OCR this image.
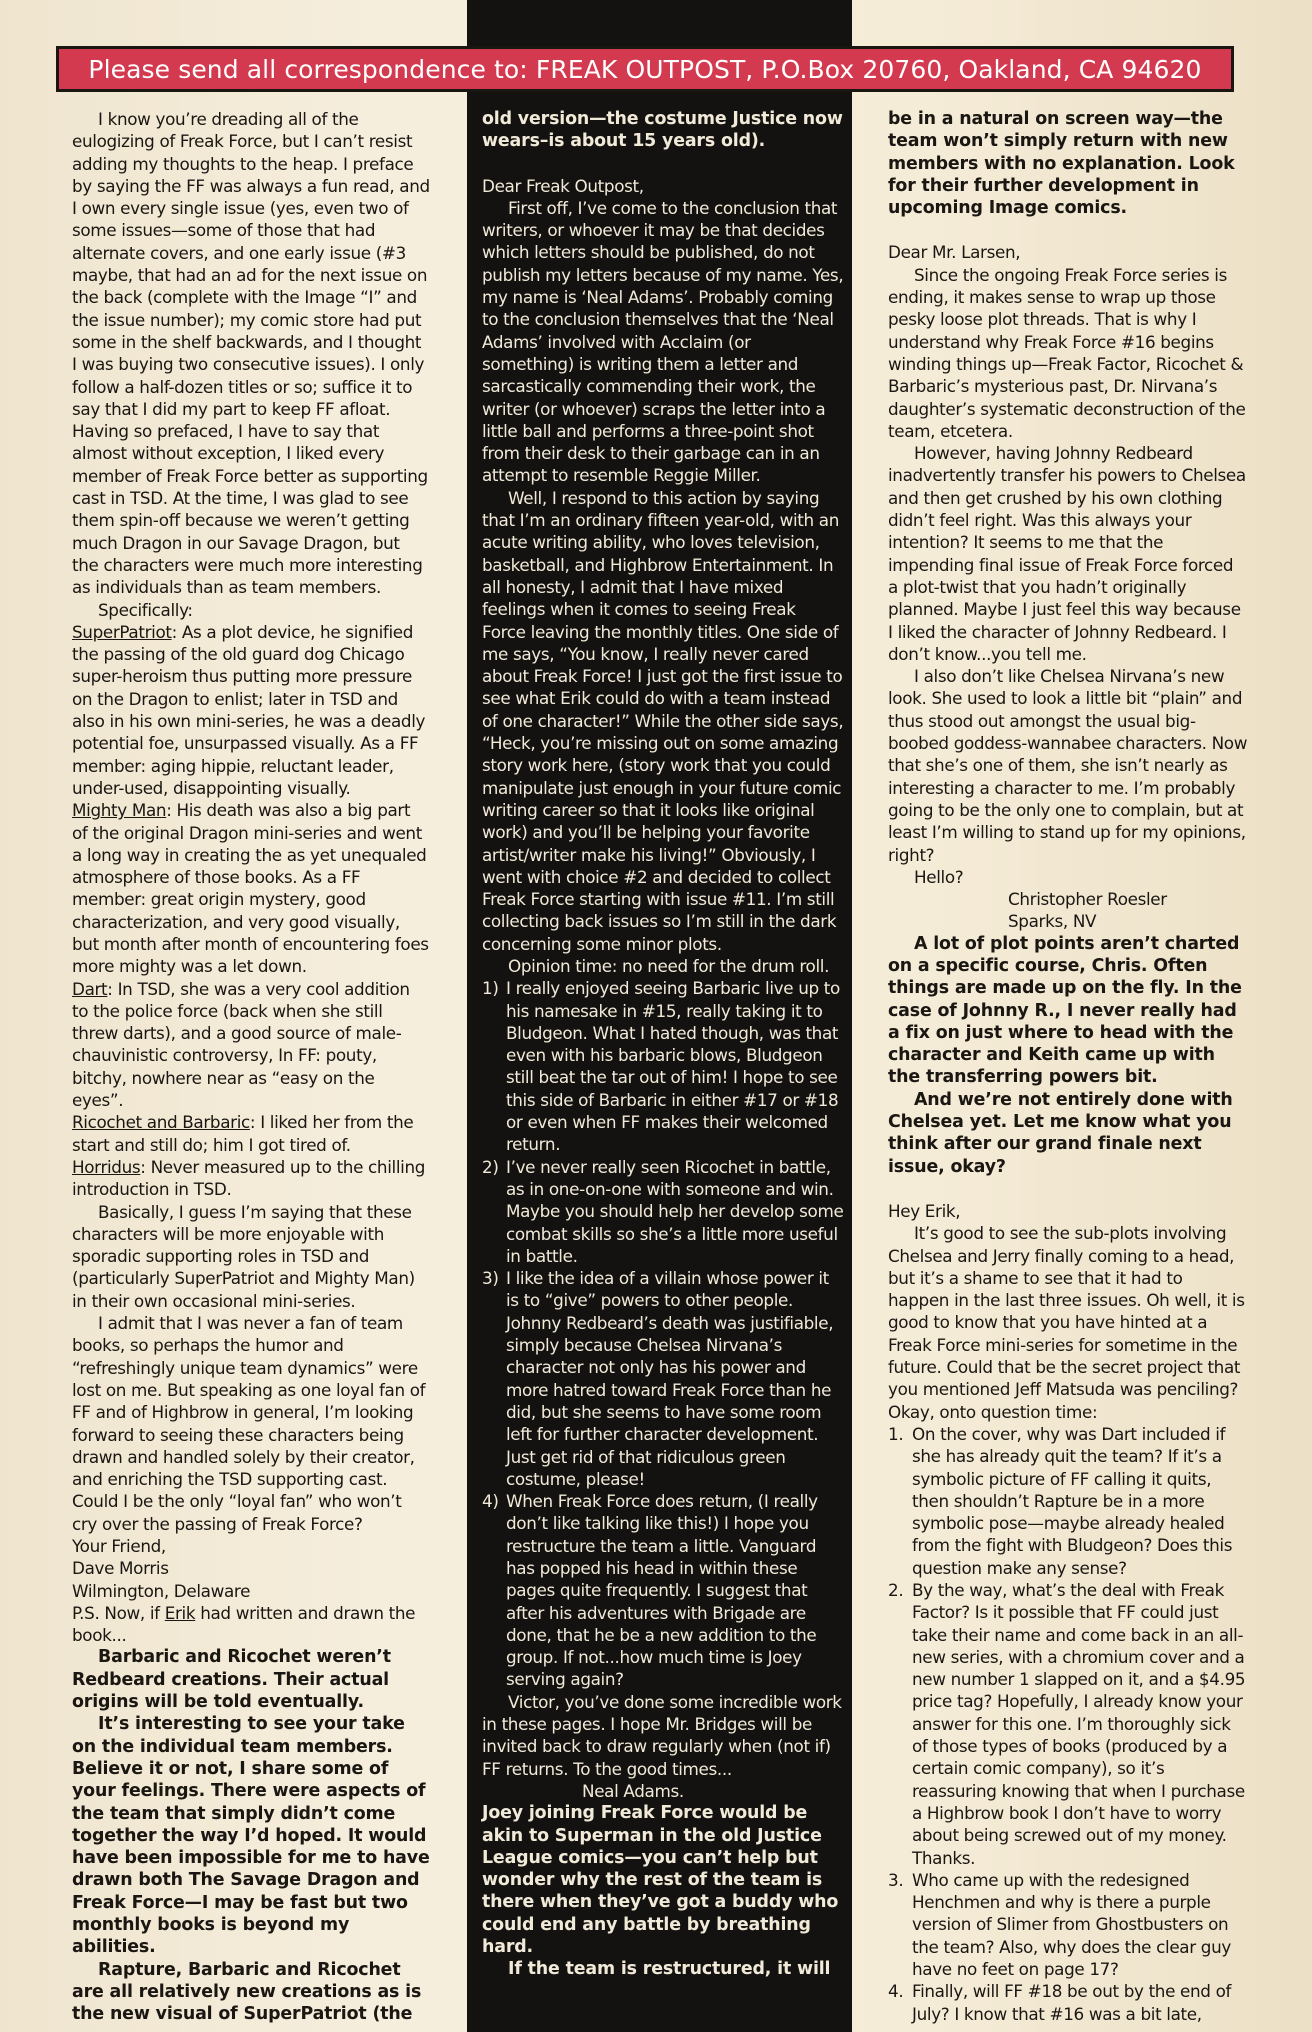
Please send all correspondence to: FREAK OUTPOST, P.O.Box 20760, Oakland, CA 94620

I know you’re dreading all of the eulogizing of Freak Force, but I can’t resist adding my thoughts to the heap. I preface by saying the FF was always a fun read, and I own every single issue (yes, even two of some issues—some of those that had alternate covers, and one early issue (#3 maybe, that had an ad for the next issue on the back (complete with the Image “I” and the issue number); my comic store had put some in the shelf backwards, and I thought I was buying two consecutive issues). I only follow a half-dozen titles or so; suffice it to say that I did my part to keep FF afloat. Having so prefaced, I have to say that almost without exception, I liked every member of Freak Force better as supporting cast in TSD. At the time, I was glad to see them spin-off because we weren’t getting much Dragon in our Savage Dragon, but the characters were much more interesting as individuals than as team members.

Specifically:

SuperPatriot: As a plot device, he signified the passing of the old guard dog Chicago super-heroism thus putting more pressure on the Dragon to enlist; later in TSD and also in his own mini-series, he was a deadly potential foe, unsurpassed visually. As a FF member: aging hippie, reluctant leader, under-used, disappointing visually.

Mighty Man: His death was also a big part of the original Dragon mini-series and went a long way in creating the as yet unequaled atmosphere of those books. As a FF member: great origin mystery, good characterization, and very good visually, but month after month of encountering foes more mighty was a let down.

Dart: In TSD, she was a very cool addition to the police force (back when she still threw darts), and a good source of male-chauvinistic controversy, In FF: pouty, bitchy, nowhere near as “easy on the eyes”.

Ricochet and Barbaric: I liked her from the start and still do; him I got tired of.

Horridus: Never measured up to the chilling introduction in TSD.

Basically, I guess I’m saying that these characters will be more enjoyable with sporadic supporting roles in TSD and (particularly SuperPatriot and Mighty Man) in their own occasional mini-series.

I admit that I was never a fan of team books, so perhaps the humor and “refreshingly unique team dynamics” were lost on me. But speaking as one loyal fan of FF and of Highbrow in general, I’m looking forward to seeing these characters being drawn and handled solely by their creator, and enriching the TSD supporting cast. Could I be the only “loyal fan” who won’t cry over the passing of Freak Force?

Your Friend,

Dave Morris

Wilmington, Delaware

P.S. Now, if Erik had written and drawn the book...

Barbaric and Ricochet weren’t Redbeard creations. Their actual origins will be told eventually.

It’s interesting to see your take on the individual team members. Believe it or not, I share some of your feelings. There were aspects of the team that simply didn’t come together the way I’d hoped. It would have been impossible for me to have drawn both The Savage Dragon and Freak Force—I may be fast but two monthly books is beyond my abilities.

Rapture, Barbaric and Ricochet are all relatively new creations as is the new visual of SuperPatriot (the

old version—the costume Justice now wears–is about 15 years old).

Dear Freak Outpost,

First off, I’ve come to the conclusion that writers, or whoever it may be that decides which letters should be published, do not publish my letters because of my name. Yes, my name is ‘Neal Adams’. Probably coming to the conclusion themselves that the ‘Neal Adams’ involved with Acclaim (or something) is writing them a letter and sarcastically commending their work, the writer (or whoever) scraps the letter into a little ball and performs a three-point shot from their desk to their garbage can in an attempt to resemble Reggie Miller.

Well, I respond to this action by saying that I’m an ordinary fifteen year-old, with an acute writing ability, who loves television, basketball, and Highbrow Entertainment. In all honesty, I admit that I have mixed feelings when it comes to seeing Freak Force leaving the monthly titles. One side of me says, “You know, I really never cared about Freak Force! I just got the first issue to see what Erik could do with a team instead of one character!” While the other side says, “Heck, you’re missing out on some amazing story work here, (story work that you could manipulate just enough in your future comic writing career so that it looks like original work) and you’ll be helping your favorite artist/writer make his living!” Obviously, I went with choice #2 and decided to collect Freak Force starting with issue #11. I’m still collecting back issues so I’m still in the dark concerning some minor plots.

Opinion time: no need for the drum roll.

1) I really enjoyed seeing Barbaric live up to his namesake in #15, really taking it to Bludgeon. What I hated though, was that even with his barbaric blows, Bludgeon still beat the tar out of him! I hope to see this side of Barbaric in either #17 or #18 or even when FF makes their welcomed return.
2) I’ve never really seen Ricochet in battle, as in one-on-one with someone and win. Maybe you should help her develop some combat skills so she’s a little more useful in battle.
3) I like the idea of a villain whose power it is to “give” powers to other people. Johnny Redbeard’s death was justifiable, simply because Chelsea Nirvana’s character not only has his power and more hatred toward Freak Force than he did, but she seems to have some room left for further character development. Just get rid of that ridiculous green costume, please!
4) When Freak Force does return, (I really don’t like talking like this!) I hope you restructure the team a little. Vanguard has popped his head in within these pages quite frequently. I suggest that after his adventures with Brigade are done, that he be a new addition to the group. If not...how much time is Joey serving again?

Victor, you’ve done some incredible work in these pages. I hope Mr. Bridges will be invited back to draw regularly when (not if) FF returns. To the good times...

Neal Adams.

Joey joining Freak Force would be akin to Superman in the old Justice League comics—you can’t help but wonder why the rest of the team is there when they’ve got a buddy who could end any battle by breathing hard.

If the team is restructured, it will

be in a natural on screen way—the team won’t simply return with new members with no explanation. Look for their further development in upcoming Image comics.

Dear Mr. Larsen,

Since the ongoing Freak Force series is ending, it makes sense to wrap up those pesky loose plot threads. That is why I understand why Freak Force #16 begins winding things up—Freak Factor, Ricochet & Barbaric’s mysterious past, Dr. Nirvana’s daughter’s systematic deconstruction of the team, etcetera.

However, having Johnny Redbeard inadvertently transfer his powers to Chelsea and then get crushed by his own clothing didn’t feel right. Was this always your intention? It seems to me that the impending final issue of Freak Force forced a plot-twist that you hadn’t originally planned. Maybe I just feel this way because I liked the character of Johnny Redbeard. I don’t know...you tell me.

I also don’t like Chelsea Nirvana’s new look. She used to look a little bit “plain” and thus stood out amongst the usual big-boobed goddess-wannabee characters. Now that she’s one of them, she isn’t nearly as interesting a character to me. I’m probably going to be the only one to complain, but at least I’m willing to stand up for my opinions, right?

Hello?

Christopher Roesler

Sparks, NV

A lot of plot points aren’t charted on a specific course, Chris. Often things are made up on the fly. In the case of Johnny R., I never really had a fix on just where to head with the character and Keith came up with the transferring powers bit.

And we’re not entirely done with Chelsea yet. Let me know what you think after our grand finale next issue, okay?

Hey Erik,

It’s good to see the sub-plots involving Chelsea and Jerry finally coming to a head, but it’s a shame to see that it had to happen in the last three issues. Oh well, it is good to know that you have hinted at a Freak Force mini-series for sometime in the future. Could that be the secret project that you mentioned Jeff Matsuda was penciling? Okay, onto question time:

1. On the cover, why was Dart included if she has already quit the team? If it’s a symbolic picture of FF calling it quits, then shouldn’t Rapture be in a more symbolic pose—maybe already healed from the fight with Bludgeon? Does this question make any sense?
2. By the way, what’s the deal with Freak Factor? Is it possible that FF could just take their name and come back in an all-new series, with a chromium cover and a new number 1 slapped on it, and a $4.95 price tag? Hopefully, I already know your answer for this one. I’m thoroughly sick of those types of books (produced by a certain comic company), so it’s reassuring knowing that when I purchase a Highbrow book I don’t have to worry about being screwed out of my money. Thanks.
3. Who came up with the redesigned Henchmen and why is there a purple version of Slimer from Ghostbusters on the team? Also, why does the clear guy have no feet on page 17?
4. Finally, will FF #18 be out by the end of July? I know that #16 was a bit late,
